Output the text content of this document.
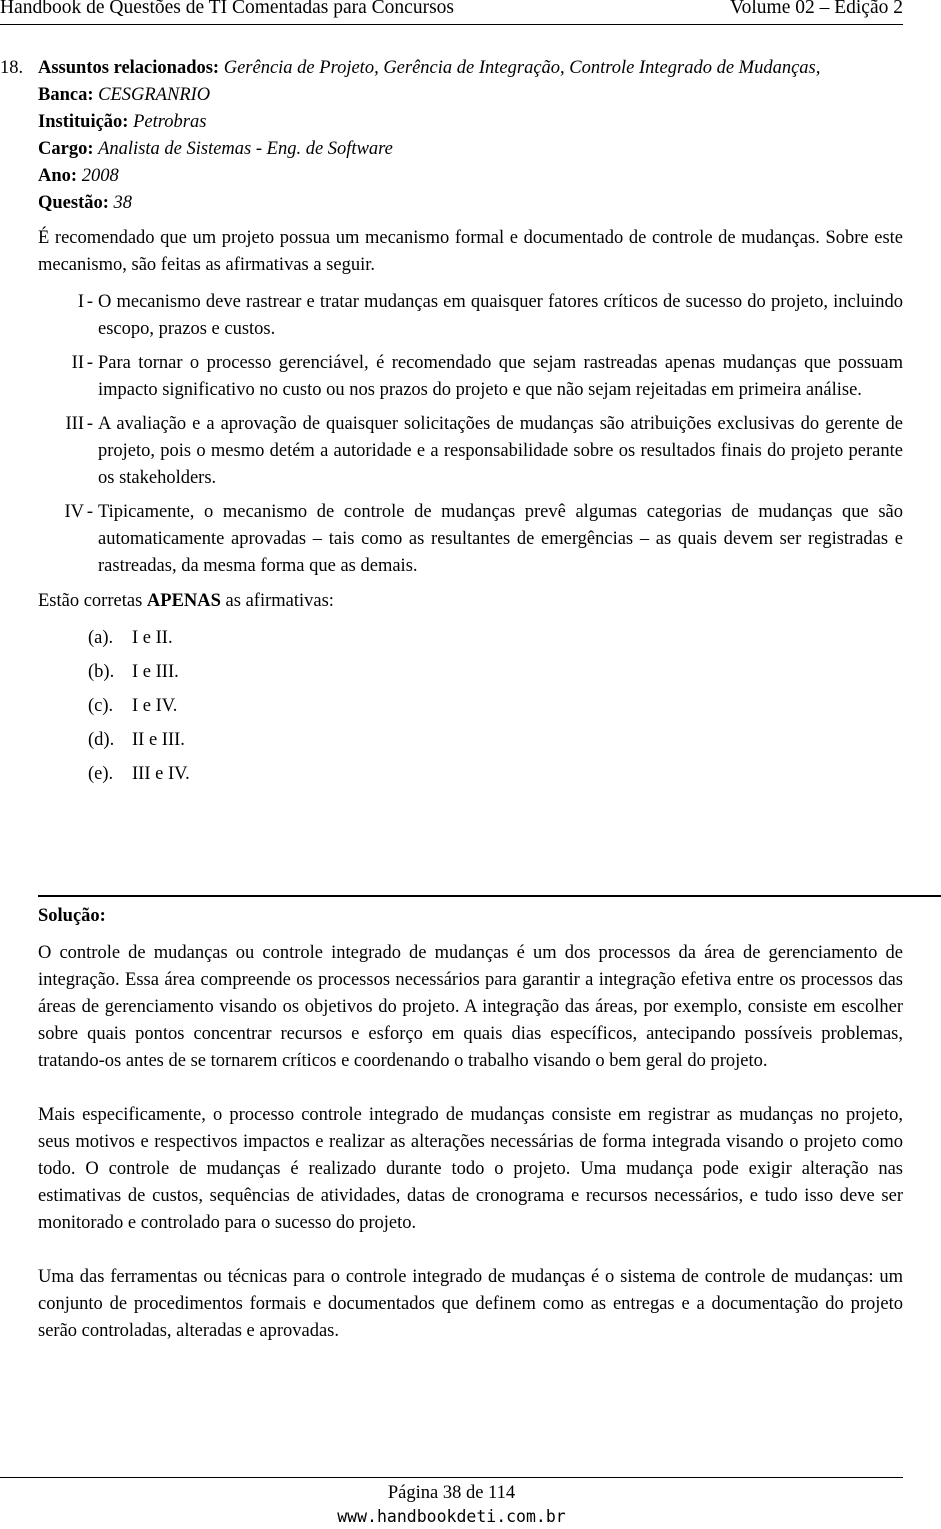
Handbook de Questões de TI Comentadas para Concursos	Volume 02 – Edição 2
18. Assuntos relacionados: Gerência de Projeto, Gerência de Integração, Controle Integrado de Mudanças,
Banca: CESGRANRIO
Instituição: Petrobras
Cargo: Analista de Sistemas - Eng. de Software
Ano: 2008
Questão: 38
É recomendado que um projeto possua um mecanismo formal e documentado de controle de mudanças. Sobre este mecanismo, são feitas as afirmativas a seguir.
I - O mecanismo deve rastrear e tratar mudanças em quaisquer fatores críticos de sucesso do projeto, incluindo escopo, prazos e custos.
II - Para tornar o processo gerenciável, é recomendado que sejam rastreadas apenas mudanças que possuam impacto significativo no custo ou nos prazos do projeto e que não sejam rejeitadas em primeira análise.
III - A avaliação e a aprovação de quaisquer solicitações de mudanças são atribuições exclusivas do gerente de projeto, pois o mesmo detém a autoridade e a responsabilidade sobre os resultados finais do projeto perante os stakeholders.
IV - Tipicamente, o mecanismo de controle de mudanças prevê algumas categorias de mudanças que são automaticamente aprovadas – tais como as resultantes de emergências – as quais devem ser registradas e rastreadas, da mesma forma que as demais.
Estão corretas APENAS as afirmativas:
(a). I e II.
(b). I e III.
(c). I e IV.
(d). II e III.
(e). III e IV.
Solução:

O controle de mudanças ou controle integrado de mudanças é um dos processos da área de gerenciamento de integração. Essa área compreende os processos necessários para garantir a integração efetiva entre os processos das áreas de gerenciamento visando os objetivos do projeto. A integração das áreas, por exemplo, consiste em escolher sobre quais pontos concentrar recursos e esforço em quais dias específicos, antecipando possíveis problemas, tratando-os antes de se tornarem críticos e coordenando o trabalho visando o bem geral do projeto.

Mais especificamente, o processo controle integrado de mudanças consiste em registrar as mudanças no projeto, seus motivos e respectivos impactos e realizar as alterações necessárias de forma integrada visando o projeto como todo. O controle de mudanças é realizado durante todo o projeto. Uma mudança pode exigir alteração nas estimativas de custos, sequências de atividades, datas de cronograma e recursos necessários, e tudo isso deve ser monitorado e controlado para o sucesso do projeto.

Uma das ferramentas ou técnicas para o controle integrado de mudanças é o sistema de controle de mudanças: um conjunto de procedimentos formais e documentados que definem como as entregas e a documentação do projeto serão controladas, alteradas e aprovadas.

Página 38 de 114
www.handbookdeti.com.br
